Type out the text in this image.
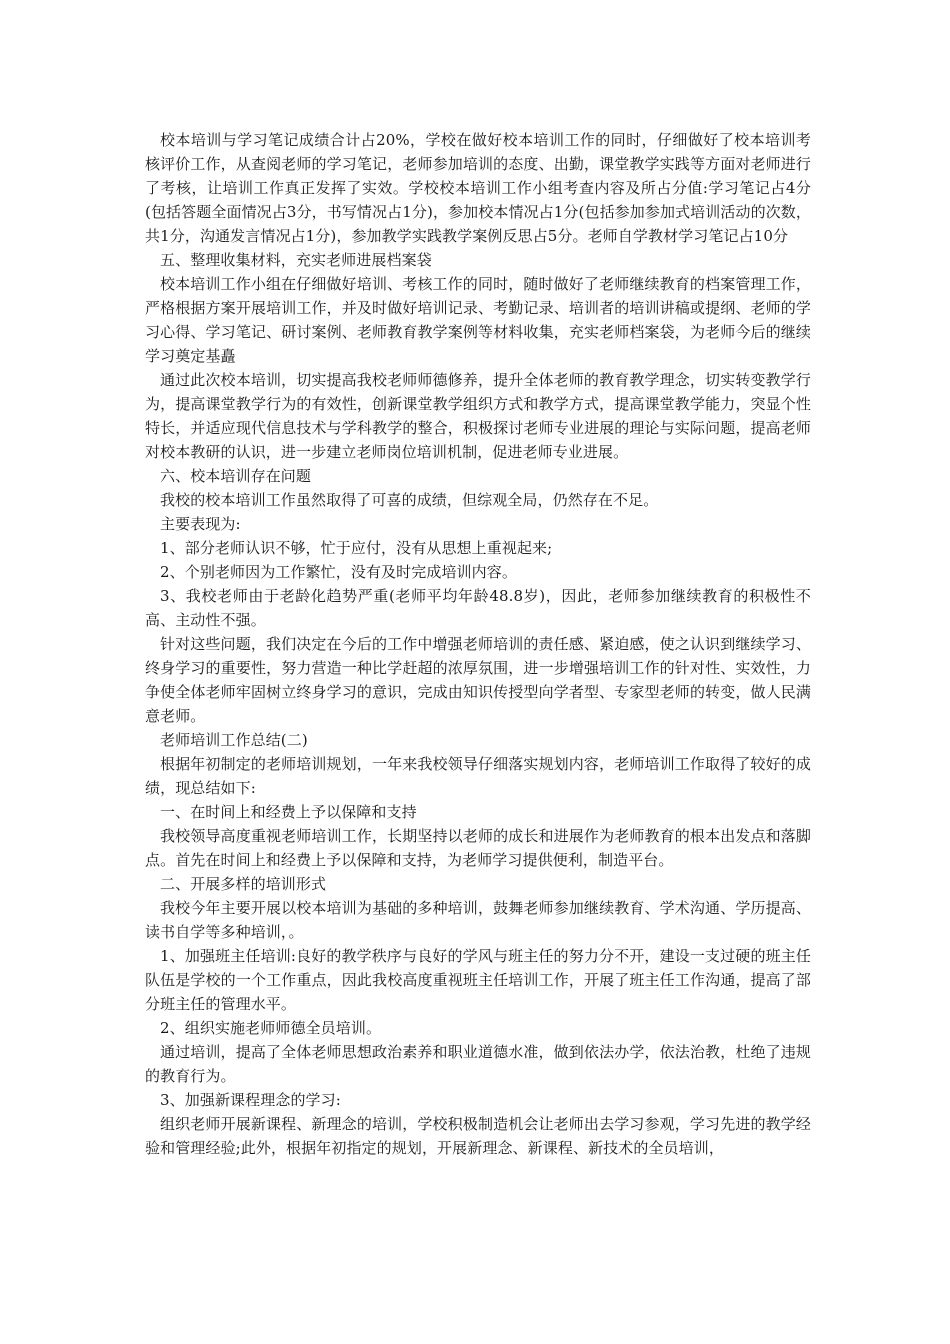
校本培训与学习笔记成绩合计占20%，学校在做好校本培训工作的同时，仔细做好了校本培训考核评价工作，从查阅老师的学习笔记，老师参加培训的态度、出勤，课堂教学实践等方面对老师进行了考核，让培训工作真正发挥了实效。学校校本培训工作小组考查内容及所占分值:学习笔记占4分(包括答题全面情况占3分，书写情况占1分)，参加校本情况占1分(包括参加参加式培训活动的次数，共1分，沟通发言情况占1分)，参加教学实践教学案例反思占5分。老师自学教材学习笔记占10分

五、整理收集材料，充实老师进展档案袋

校本培训工作小组在仔细做好培训、考核工作的同时，随时做好了老师继续教育的档案管理工作，严格根据方案开展培训工作，并及时做好培训记录、考勤记录、培训者的培训讲稿或提纲、老师的学习心得、学习笔记、研讨案例、老师教育教学案例等材料收集，充实老师档案袋，为老师今后的继续学习奠定基矗

通过此次校本培训，切实提高我校老师师德修养，提升全体老师的教育教学理念，切实转变教学行为，提高课堂教学行为的有效性，创新课堂教学组织方式和教学方式，提高课堂教学能力，突显个性特长，并适应现代信息技术与学科教学的整合，积极探讨老师专业进展的理论与实际问题，提高老师对校本教研的认识，进一步建立老师岗位培训机制，促进老师专业进展。

六、校本培训存在问题

我校的校本培训工作虽然取得了可喜的成绩，但综观全局，仍然存在不足。

主要表现为:

1、部分老师认识不够，忙于应付，没有从思想上重视起来;

2、个别老师因为工作繁忙，没有及时完成培训内容。

3、我校老师由于老龄化趋势严重(老师平均年龄48.8岁)，因此，老师参加继续教育的积极性不高、主动性不强。

针对这些问题，我们决定在今后的工作中增强老师培训的责任感、紧迫感，使之认识到继续学习、终身学习的重要性，努力营造一种比学赶超的浓厚氛围，进一步增强培训工作的针对性、实效性，力争使全体老师牢固树立终身学习的意识，完成由知识传授型向学者型、专家型老师的转变，做人民满意老师。

老师培训工作总结(二)

根据年初制定的老师培训规划，一年来我校领导仔细落实规划内容，老师培训工作取得了较好的成绩，现总结如下:

一、在时间上和经费上予以保障和支持

我校领导高度重视老师培训工作，长期坚持以老师的成长和进展作为老师教育的根本出发点和落脚点。首先在时间上和经费上予以保障和支持，为老师学习提供便利，制造平台。

二、开展多样的培训形式

我校今年主要开展以校本培训为基础的多种培训，鼓舞老师参加继续教育、学术沟通、学历提高、读书自学等多种培训，。

1、加强班主任培训:良好的教学秩序与良好的学风与班主任的努力分不开，建设一支过硬的班主任队伍是学校的一个工作重点，因此我校高度重视班主任培训工作，开展了班主任工作沟通，提高了部分班主任的管理水平。

2、组织实施老师师德全员培训。

通过培训，提高了全体老师思想政治素养和职业道德水准，做到依法办学，依法治教，杜绝了违规的教育行为。

3、加强新课程理念的学习:

组织老师开展新课程、新理念的培训，学校积极制造机会让老师出去学习参观，学习先进的教学经验和管理经验;此外，根据年初指定的规划，开展新理念、新课程、新技术的全员培训，
